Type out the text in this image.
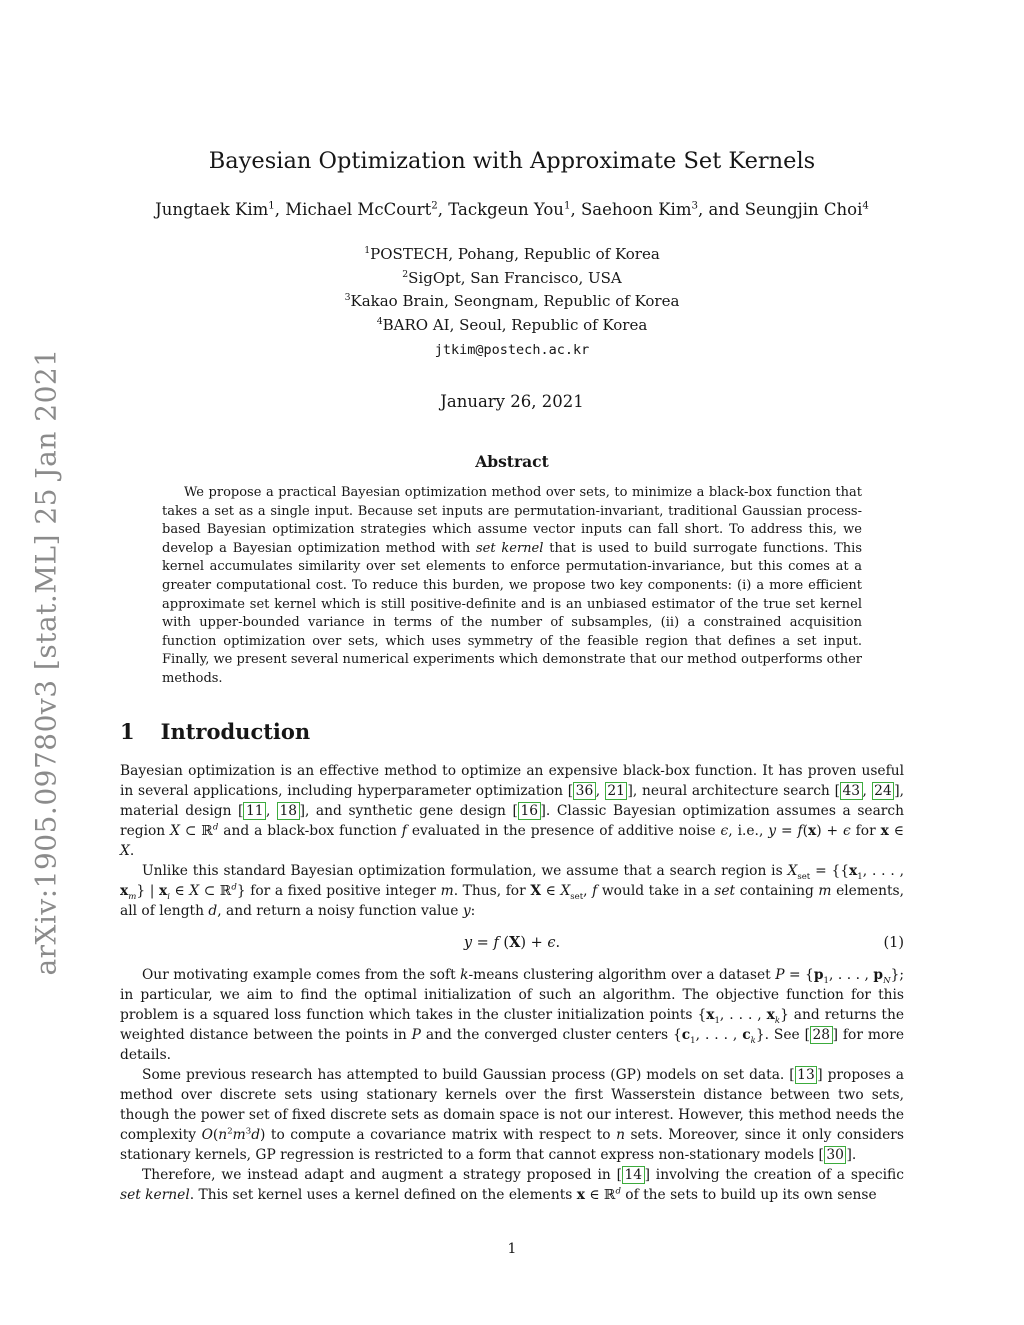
arXiv:1905.09780v3 [stat.ML] 25 Jan 2021
Bayesian Optimization with Approximate Set Kernels
Jungtaek Kim$^1$, Michael McCourt$^2$, Tackgeun You$^1$, Saehoon Kim$^3$, and Seungjin Choi$^4$
$^1$POSTECH, Pohang, Republic of Korea
$^2$SigOpt, San Francisco, USA
$^3$Kakao Brain, Seongnam, Republic of Korea
$^4$BARO AI, Seoul, Republic of Korea
jtkim@postech.ac.kr
January 26, 2021
Abstract
We propose a practical Bayesian optimization method over sets, to minimize a black-box function that takes a set as a single input. Because set inputs are permutation-invariant, traditional Gaussian process-based Bayesian optimization strategies which assume vector inputs can fall short. To address this, we develop a Bayesian optimization method with set kernel that is used to build surrogate functions. This kernel accumulates similarity over set elements to enforce permutation-invariance, but this comes at a greater computational cost. To reduce this burden, we propose two key components: (i) a more efficient approximate set kernel which is still positive-definite and is an unbiased estimator of the true set kernel with upper-bounded variance in terms of the number of subsamples, (ii) a constrained acquisition function optimization over sets, which uses symmetry of the feasible region that defines a set input. Finally, we present several numerical experiments which demonstrate that our method outperforms other methods.
1 Introduction

Bayesian optimization is an effective method to optimize an expensive black-box function. It has proven useful in several applications, including hyperparameter optimization [ 36 , 21 ], neural architecture search [ 43 , 24 ], material design [ 11 , 18 ], and synthetic gene design [ 16 ]. Classic Bayesian optimization assumes a search region X ⊂ ℝ$^d$ and a black-box function f evaluated in the presence of additive noise ϵ, i.e., y = f(x) + ϵ for x ∈ X.

Unlike this standard Bayesian optimization formulation, we assume that a search region is $X_{set} = \{\{x_1$, . . . , $x_m$} | $x_i$ ∈ X ⊂ ℝ$^d$} for a fixed positive integer m. Thus, for X ∈ $X_{set}$, f would take in a set containing m elements, all of length d, and return a noisy function value y:

y = f (X) + ϵ.	(1)

Our motivating example comes from the soft k-means clustering algorithm over a dataset $P = \{p_1$, . . . , $p_N$}; in particular, we aim to find the optimal initialization of such an algorithm. The objective function for this problem is a squared loss function which takes in the cluster initialization points {$x_1$, . . . , $x_k$} and returns the weighted distance between the points in P and the converged cluster centers {$c_1$, . . . , $c_k$}. See [ 28 ] for more details.

Some previous research has attempted to build Gaussian process (GP) models on set data. [ 13 ] proposes a method over discrete sets using stationary kernels over the first Wasserstein distance between two sets, though the power set of fixed discrete sets as domain space is not our interest. However, this method needs the complexity $O(n^2m^3d)$ to compute a covariance matrix with respect to n sets. Moreover, since it only considers stationary kernels, GP regression is restricted to a form that cannot express non-stationary models [ 30 ].

Therefore, we instead adapt and augment a strategy proposed in [ 14 ] involving the creation of a specific set kernel. This set kernel uses a kernel defined on the elements x ∈ ℝ$^d$ of the sets to build up its own sense

1
